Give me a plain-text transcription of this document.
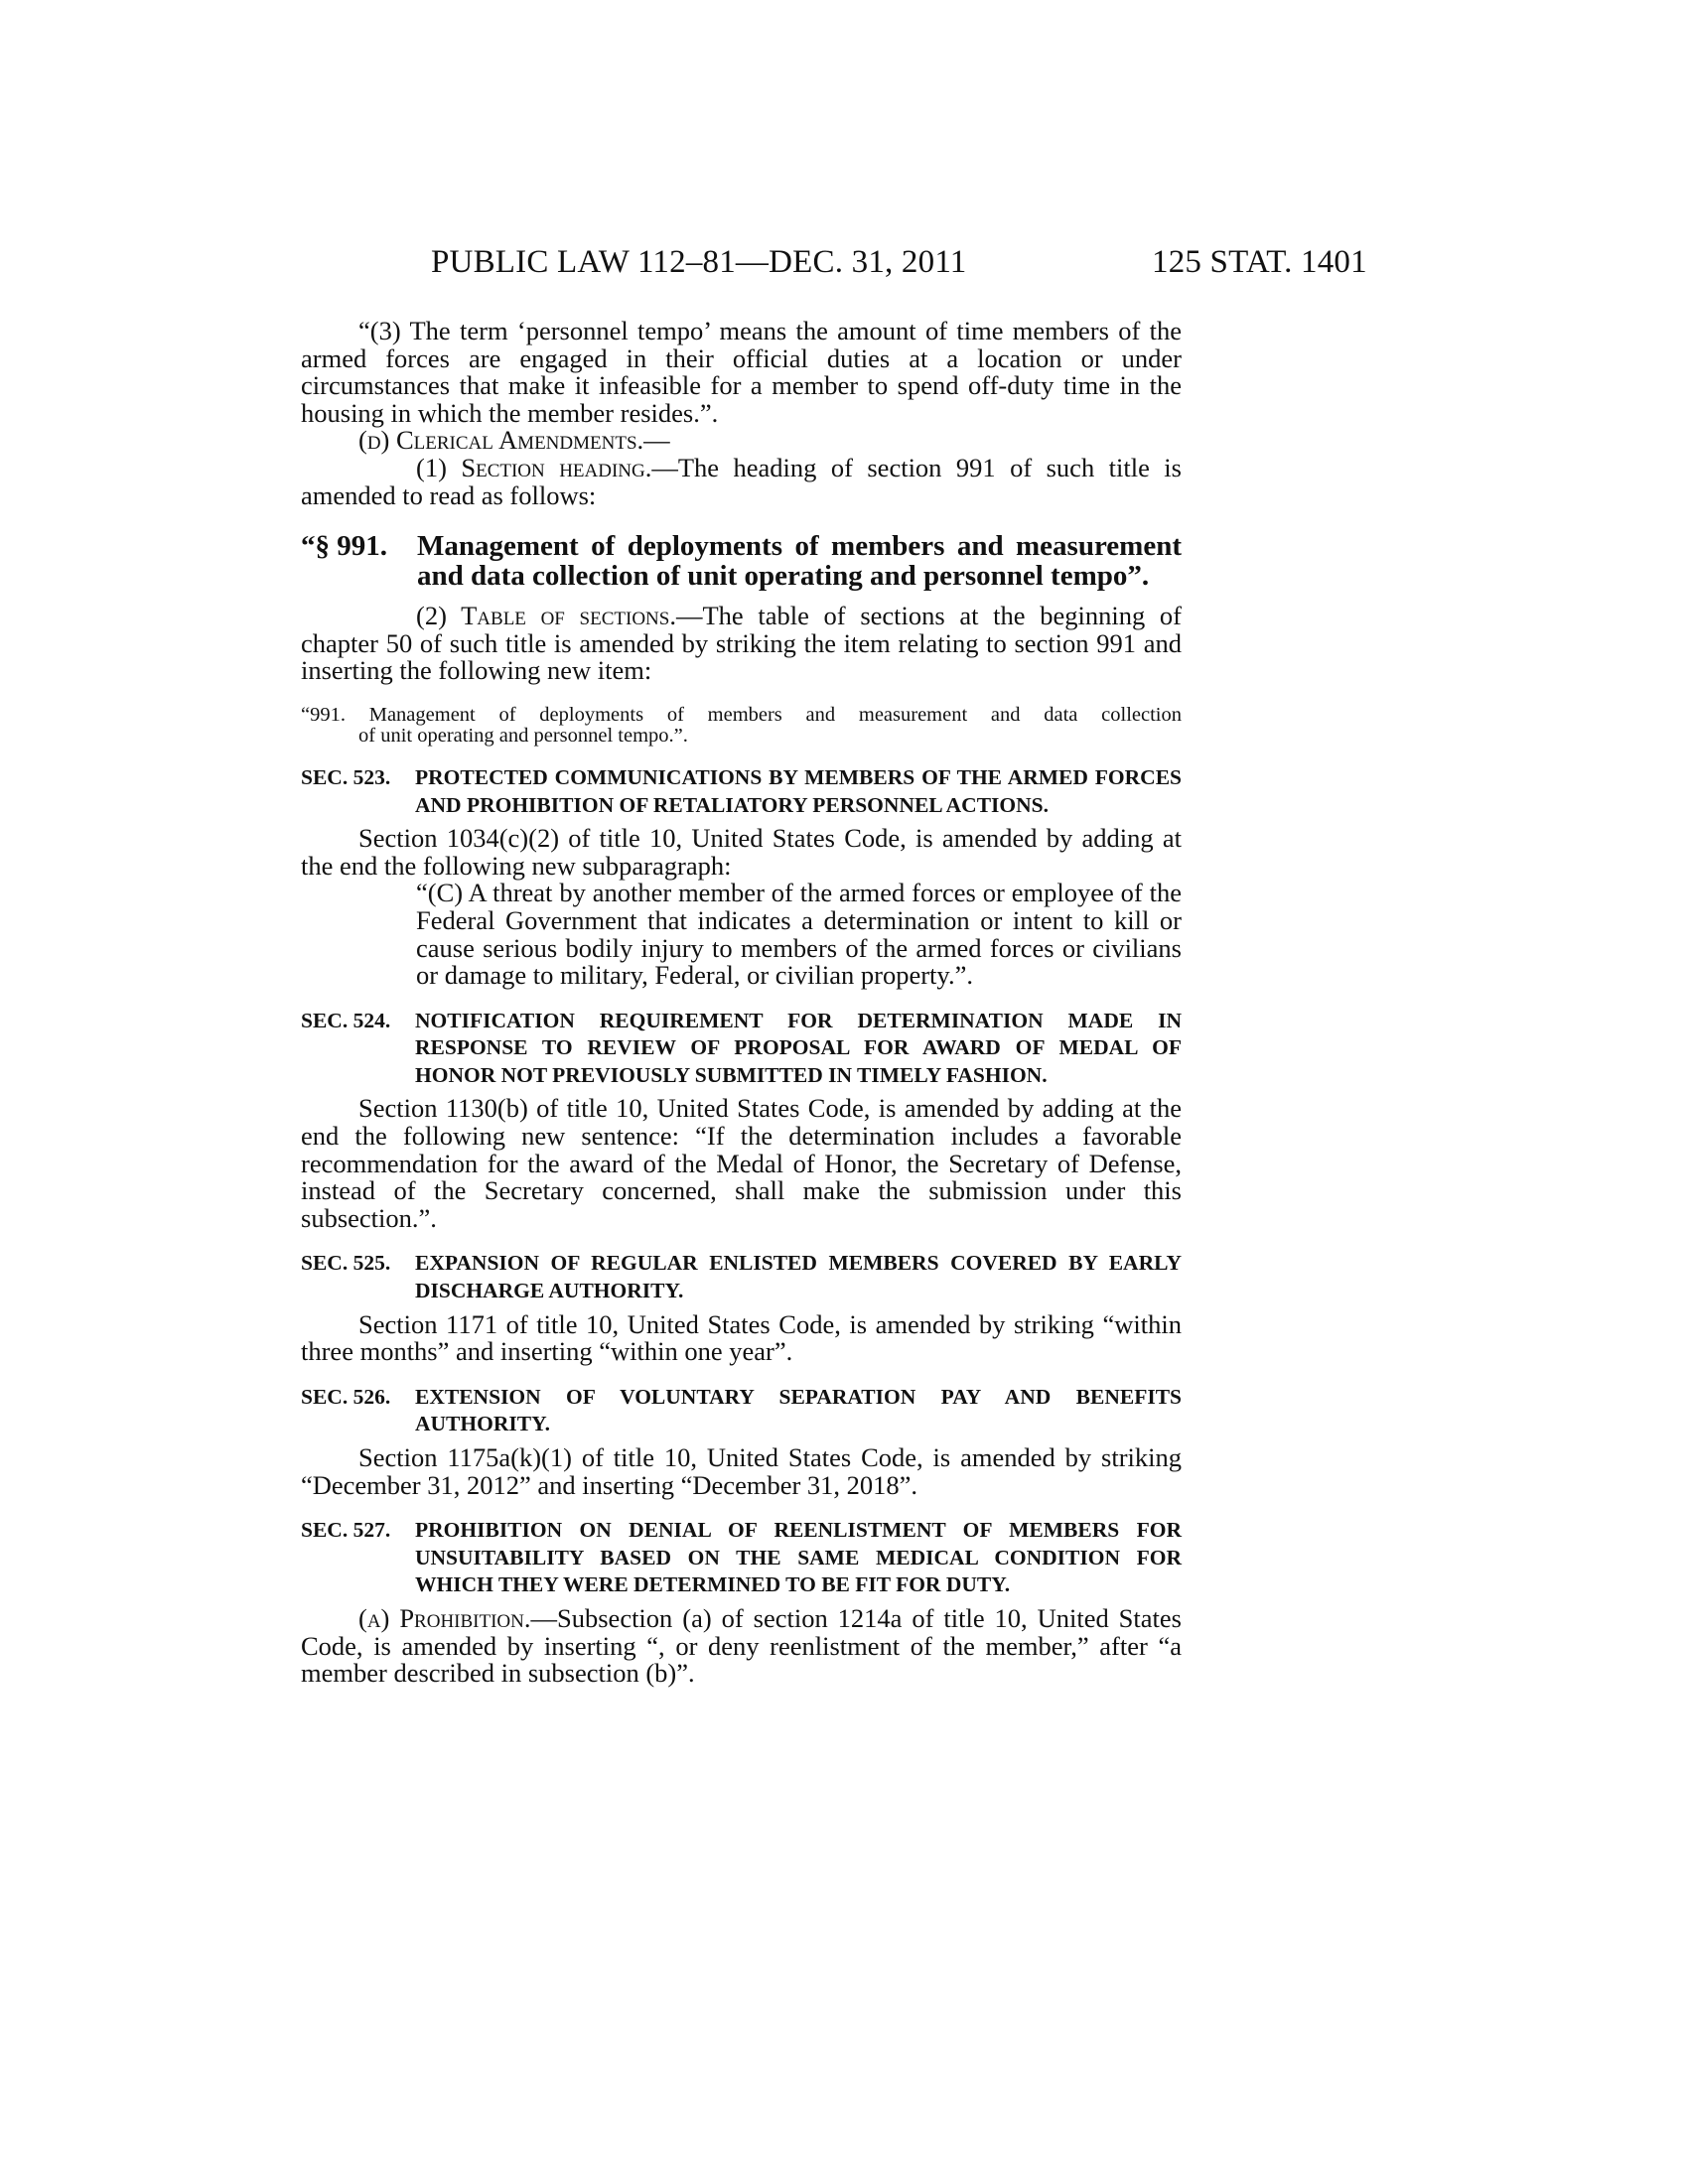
PUBLIC LAW 112–81—DEC. 31, 2011	125 STAT. 1401

“(3) The term ‘personnel tempo’ means the amount of time members of the armed forces are engaged in their official duties at a location or under circumstances that make it infeasible for a member to spend off-duty time in the housing in which the member resides.”.

(d) Clerical Amendments.—

(1) Section heading.—The heading of section 991 of such title is amended to read as follows:

“§ 991.	Management of deployments of members and measurement and data collection of unit operating and personnel tempo”.

(2) Table of sections.—The table of sections at the beginning of chapter 50 of such title is amended by striking the item relating to section 991 and inserting the following new item:

“991. Management of deployments of members and measurement and data collection
of unit operating and personnel tempo.”.
SEC. 523.	PROTECTED COMMUNICATIONS BY MEMBERS OF THE ARMED FORCES AND PROHIBITION OF RETALIATORY PERSONNEL ACTIONS.

Section 1034(c)(2) of title 10, United States Code, is amended by adding at the end the following new subparagraph:

“(C) A threat by another member of the armed forces or employee of the Federal Government that indicates a determination or intent to kill or cause serious bodily injury to members of the armed forces or civilians or damage to military, Federal, or civilian property.”.

SEC. 524.	NOTIFICATION REQUIREMENT FOR DETERMINATION MADE IN RESPONSE TO REVIEW OF PROPOSAL FOR AWARD OF MEDAL OF HONOR NOT PREVIOUSLY SUBMITTED IN TIMELY FASHION.

Section 1130(b) of title 10, United States Code, is amended by adding at the end the following new sentence: “If the determination includes a favorable recommendation for the award of the Medal of Honor, the Secretary of Defense, instead of the Secretary concerned, shall make the submission under this subsection.”.

SEC. 525.	EXPANSION OF REGULAR ENLISTED MEMBERS COVERED BY EARLY DISCHARGE AUTHORITY.

Section 1171 of title 10, United States Code, is amended by striking “within three months” and inserting “within one year”.

SEC. 526.	EXTENSION OF VOLUNTARY SEPARATION PAY AND BENEFITS AUTHORITY.

Section 1175a(k)(1) of title 10, United States Code, is amended by striking “December 31, 2012” and inserting “December 31, 2018”.

SEC. 527.	PROHIBITION ON DENIAL OF REENLISTMENT OF MEMBERS FOR UNSUITABILITY BASED ON THE SAME MEDICAL CONDITION FOR WHICH THEY WERE DETERMINED TO BE FIT FOR DUTY.

(a) Prohibition.—Subsection (a) of section 1214a of title 10, United States Code, is amended by inserting “, or deny reenlistment of the member,” after “a member described in subsection (b)”.
